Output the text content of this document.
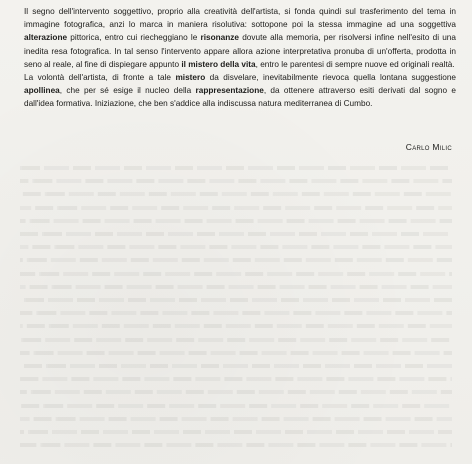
Il segno dell'intervento soggettivo, proprio alla creatività dell'artista, si fonda quindi sul trasferimento del tema in immagine fotografica, anzi lo marca in maniera risolutiva: sottopone poi la stessa immagine ad una soggettiva alterazione pittorica, entro cui riecheggiano le risonanze dovute alla memoria, per risolversi infine nell'esito di una inedita resa fotografica. In tal senso l'intervento appare allora azione interpretativa pronuba di un'offerta, prodotta in seno al reale, al fine di dispiegare appunto il mistero della vita, entro le parentesi di sempre nuove ed originali realtà.

La volontà dell'artista, di fronte a tale mistero da disvelare, inevitabilmente rievoca quella lontana suggestione apollinea, che per sé esige il nucleo della rappresentazione, da ottenere attraverso esiti derivati dal sogno e dall'idea formativa. Iniziazione, che ben s'addice alla indiscussa natura mediterranea di Cumbo.

Carlo Milic
